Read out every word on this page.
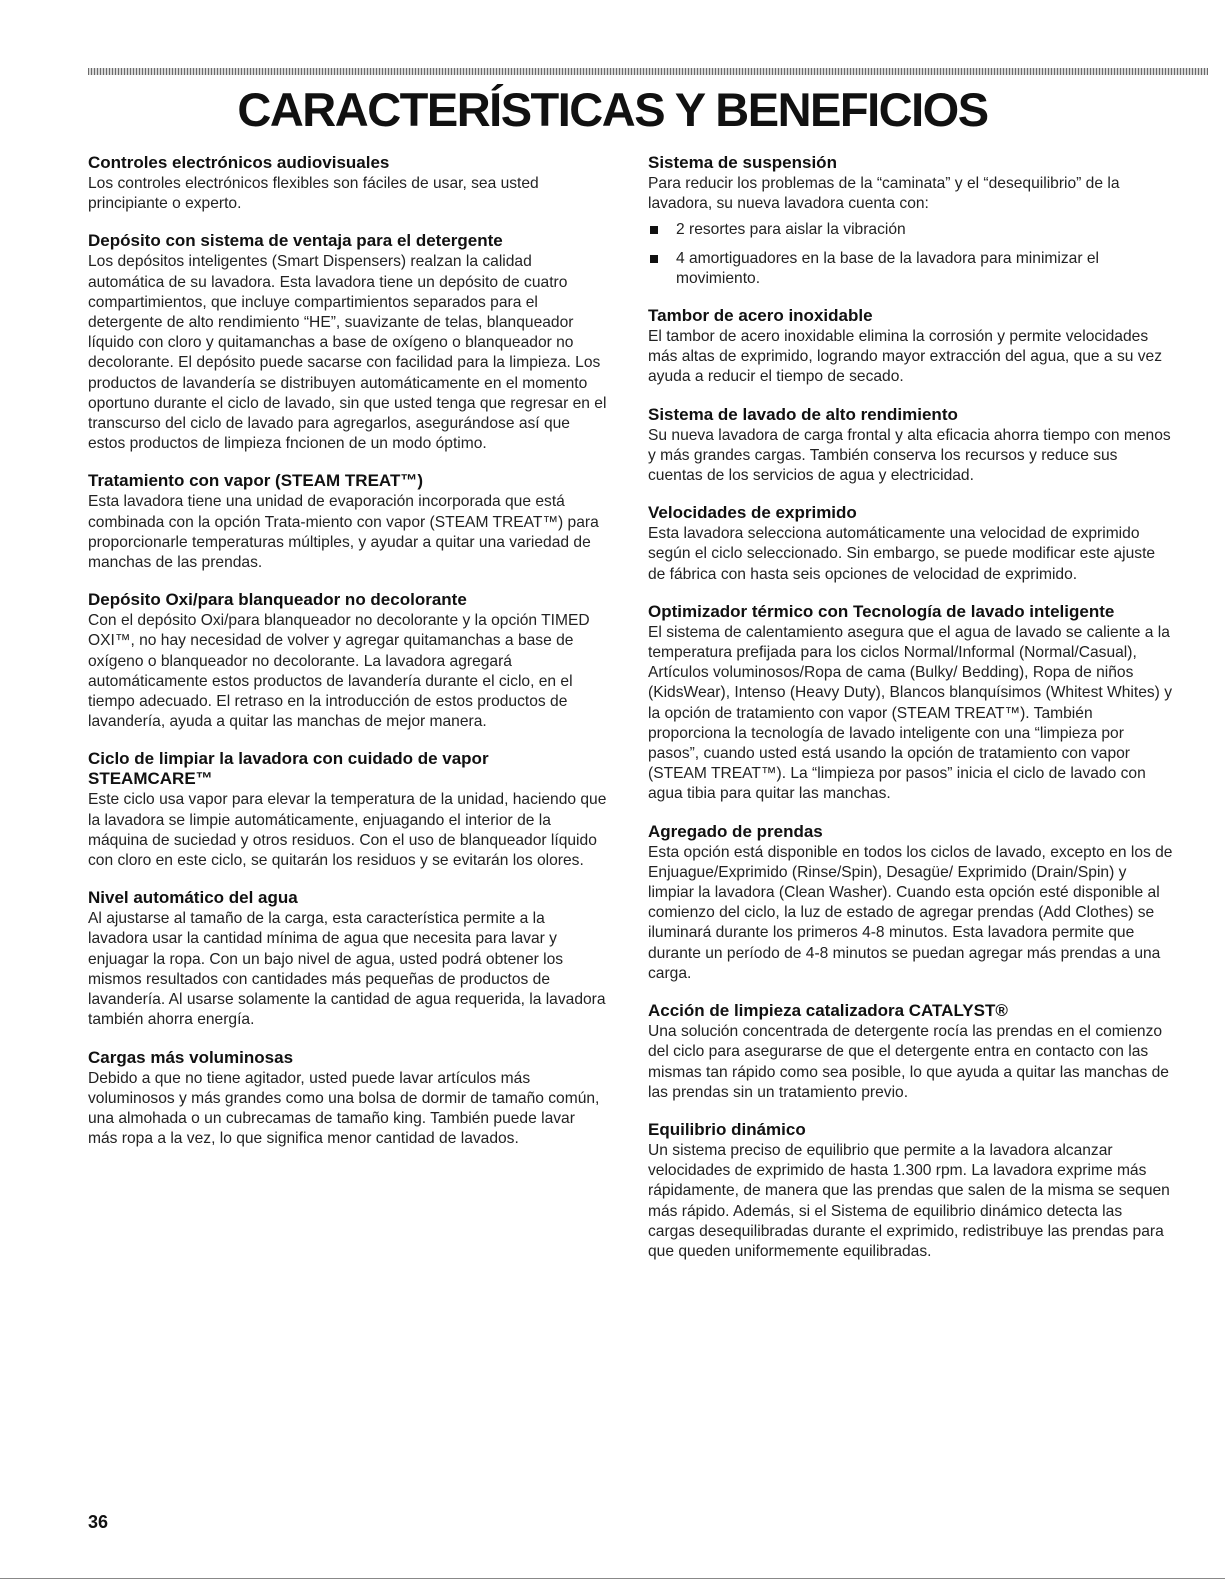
CARACTERÍSTICAS Y BENEFICIOS
Controles electrónicos audiovisuales

Los controles electrónicos flexibles son fáciles de usar, sea usted principiante o experto.

Depósito con sistema de ventaja para el detergente

Los depósitos inteligentes (Smart Dispensers) realzan la calidad automática de su lavadora. Esta lavadora tiene un depósito de cuatro compartimientos, que incluye compartimientos separados para el detergente de alto rendimiento “HE”, suavizante de telas, blanqueador líquido con cloro y quitamanchas a base de oxígeno o blanqueador no decolorante. El depósito puede sacarse con facilidad para la limpieza. Los productos de lavandería se distribuyen automáticamente en el momento oportuno durante el ciclo de lavado, sin que usted tenga que regresar en el transcurso del ciclo de lavado para agregarlos, asegurándose así que estos productos de limpieza fncionen de un modo óptimo.

Tratamiento con vapor (STEAM TREAT™)

Esta lavadora tiene una unidad de evaporación incorporada que está combinada con la opción Trata-miento con vapor (STEAM TREAT™) para proporcionarle temperaturas múltiples, y ayudar a quitar una variedad de manchas de las prendas.

Depósito Oxi/para blanqueador no decolorante

Con el depósito Oxi/para blanqueador no decolorante y la opción TIMED OXI™, no hay necesidad de volver y agregar quitamanchas a base de oxígeno o blanqueador no decolorante. La lavadora agregará automáticamente estos productos de lavandería durante el ciclo, en el tiempo adecuado. El retraso en la introducción de estos productos de lavandería, ayuda a quitar las manchas de mejor manera.

Ciclo de limpiar la lavadora con cuidado de vapor STEAMCARE™

Este ciclo usa vapor para elevar la temperatura de la unidad, haciendo que la lavadora se limpie automáticamente, enjuagando el interior de la máquina de suciedad y otros residuos. Con el uso de blanqueador líquido con cloro en este ciclo, se quitarán los residuos y se evitarán los olores.

Nivel automático del agua

Al ajustarse al tamaño de la carga, esta característica permite a la lavadora usar la cantidad mínima de agua que necesita para lavar y enjuagar la ropa. Con un bajo nivel de agua, usted podrá obtener los mismos resultados con cantidades más pequeñas de productos de lavandería. Al usarse solamente la cantidad de agua requerida, la lavadora también ahorra energía.

Cargas más voluminosas

Debido a que no tiene agitador, usted puede lavar artículos más voluminosos y más grandes como una bolsa de dormir de tamaño común, una almohada o un cubrecamas de tamaño king. También puede lavar más ropa a la vez, lo que significa menor cantidad de lavados.

Sistema de suspensión

Para reducir los problemas de la “caminata” y el “desequilibrio” de la lavadora, su nueva lavadora cuenta con:

2 resortes para aislar la vibración
4 amortiguadores en la base de la lavadora para minimizar el movimiento.
Tambor de acero inoxidable

El tambor de acero inoxidable elimina la corrosión y permite velocidades más altas de exprimido, logrando mayor extracción del agua, que a su vez ayuda a reducir el tiempo de secado.

Sistema de lavado de alto rendimiento

Su nueva lavadora de carga frontal y alta eficacia ahorra tiempo con menos y más grandes cargas. También conserva los recursos y reduce sus cuentas de los servicios de agua y electricidad.

Velocidades de exprimido

Esta lavadora selecciona automáticamente una velocidad de exprimido según el ciclo seleccionado. Sin embargo, se puede modificar este ajuste de fábrica con hasta seis opciones de velocidad de exprimido.

Optimizador térmico con Tecnología de lavado inteligente

El sistema de calentamiento asegura que el agua de lavado se caliente a la temperatura prefijada para los ciclos Normal/Informal (Normal/Casual), Artículos voluminosos/Ropa de cama (Bulky/ Bedding), Ropa de niños (KidsWear), Intenso (Heavy Duty), Blancos blanquísimos (Whitest Whites) y la opción de tratamiento con vapor (STEAM TREAT™). También proporciona la tecnología de lavado inteligente con una “limpieza por pasos”, cuando usted está usando la opción de tratamiento con vapor (STEAM TREAT™). La “limpieza por pasos” inicia el ciclo de lavado con agua tibia para quitar las manchas.

Agregado de prendas

Esta opción está disponible en todos los ciclos de lavado, excepto en los de Enjuague/Exprimido (Rinse/Spin), Desagüe/ Exprimido (Drain/Spin) y limpiar la lavadora (Clean Washer). Cuando esta opción esté disponible al comienzo del ciclo, la luz de estado de agregar prendas (Add Clothes) se iluminará durante los primeros 4-8 minutos. Esta lavadora permite que durante un período de 4-8 minutos se puedan agregar más prendas a una carga.

Acción de limpieza catalizadora CATALYST®

Una solución concentrada de detergente rocía las prendas en el comienzo del ciclo para asegurarse de que el detergente entra en contacto con las mismas tan rápido como sea posible, lo que ayuda a quitar las manchas de las prendas sin un tratamiento previo.

Equilibrio dinámico

Un sistema preciso de equilibrio que permite a la lavadora alcanzar velocidades de exprimido de hasta 1.300 rpm. La lavadora exprime más rápidamente, de manera que las prendas que salen de la misma se sequen más rápido. Además, si el Sistema de equilibrio dinámico detecta las cargas desequilibradas durante el exprimido, redistribuye las prendas para que queden uniformemente equilibradas.

36
